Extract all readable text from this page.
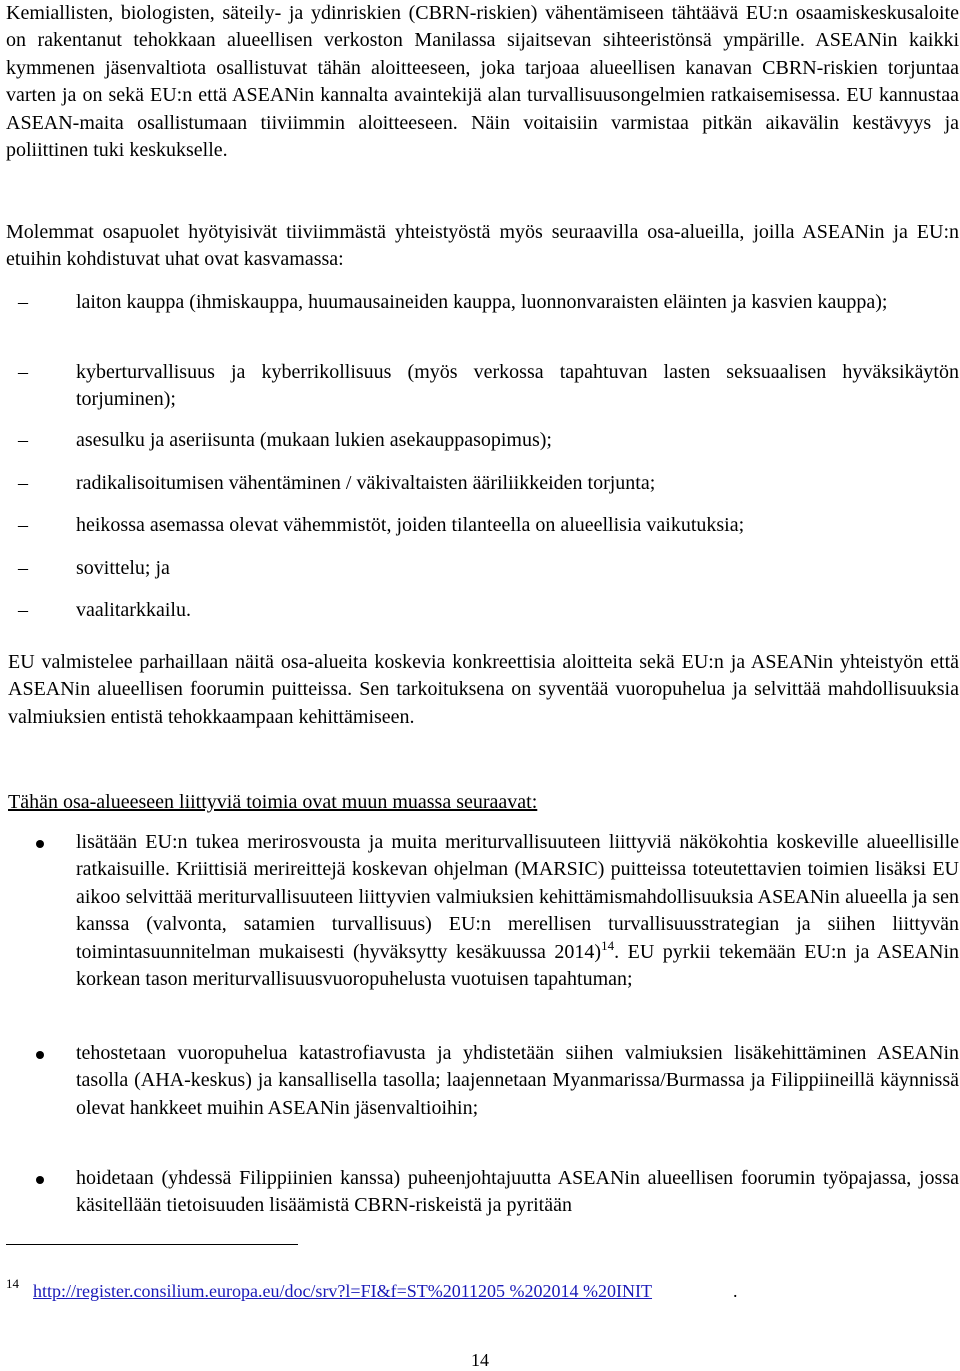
Kemiallisten, biologisten, säteily- ja ydinriskien (CBRN-riskien) vähentämiseen tähtäävä EU:n osaamiskeskusaloite on rakentanut tehokkaan alueellisen verkoston Manilassa sijaitsevan sihteeristönsä ympärille. ASEANin kaikki kymmenen jäsenvaltiota osallistuvat tähän aloitteeseen, joka tarjoaa alueellisen kanavan CBRN-riskien torjuntaa varten ja on sekä EU:n että ASEANin kannalta avaintekijä alan turvallisuusongelmien ratkaisemisessa. EU kannustaa ASEAN-maita osallistumaan tiiviimmin aloitteeseen. Näin voitaisiin varmistaa pitkän aikavälin kestävyys ja poliittinen tuki keskukselle.

Molemmat osapuolet hyötyisivät tiiviimmästä yhteistyöstä myös seuraavilla osa-alueilla, joilla ASEANin ja EU:n etuihin kohdistuvat uhat ovat kasvamassa:

–	laiton kauppa (ihmiskauppa, huumausaineiden kauppa, luonnonvaraisten eläinten ja kasvien kauppa);
–	kyberturvallisuus ja kyberrikollisuus (myös verkossa tapahtuvan lasten seksuaalisen hyväksikäytön torjuminen);
–	asesulku ja aseriisunta (mukaan lukien asekauppasopimus);
–	radikalisoitumisen vähentäminen / väkivaltaisten ääriliikkeiden torjunta;
–	heikossa asemassa olevat vähemmistöt, joiden tilanteella on alueellisia vaikutuksia;
–	sovittelu; ja
–	vaalitarkkailu.

EU valmistelee parhaillaan näitä osa-alueita koskevia konkreettisia aloitteita sekä EU:n ja ASEANin yhteistyön että ASEANin alueellisen foorumin puitteissa. Sen tarkoituksena on syventää vuoropuhelua ja selvittää mahdollisuuksia valmiuksien entistä tehokkaampaan kehittämiseen.

Tähän osa-alueeseen liittyviä toimia ovat muun muassa seuraavat:

lisätään EU:n tukea merirosvousta ja muita meriturvallisuuteen liittyviä näkökohtia koskeville alueellisille ratkaisuille. Kriittisiä merireittejä koskevan ohjelman (MARSIC) puitteissa toteutettavien toimien lisäksi EU aikoo selvittää meriturvallisuuteen liittyvien valmiuksien kehittämismahdollisuuksia ASEANin alueella ja sen kanssa (valvonta, satamien turvallisuus) EU:n merellisen turvallisuusstrategian ja siihen liittyvän toimintasuunnitelman mukaisesti (hyväksytty kesäkuussa 2014)$^{14}$. EU pyrkii tekemään EU:n ja ASEANin korkean tason meriturvallisuusvuoropuhelusta vuotuisen tapahtuman;
tehostetaan vuoropuhelua katastrofiavusta ja yhdistetään siihen valmiuksien lisäkehittäminen ASEANin tasolla (AHA-keskus) ja kansallisella tasolla; laajennetaan Myanmarissa/Burmassa ja Filippiineillä käynnissä olevat hankkeet muihin ASEANin jäsenvaltioihin;
hoidetaan (yhdessä Filippiinien kanssa) puheenjohtajuutta ASEANin alueellisen foorumin työpajassa, jossa käsitellään tietoisuuden lisäämistä CBRN-riskeistä ja pyritään
14 http://register.consilium.europa.eu/doc/srv?l=FI&f=ST%2011205 %202014 %20INIT	.
14
